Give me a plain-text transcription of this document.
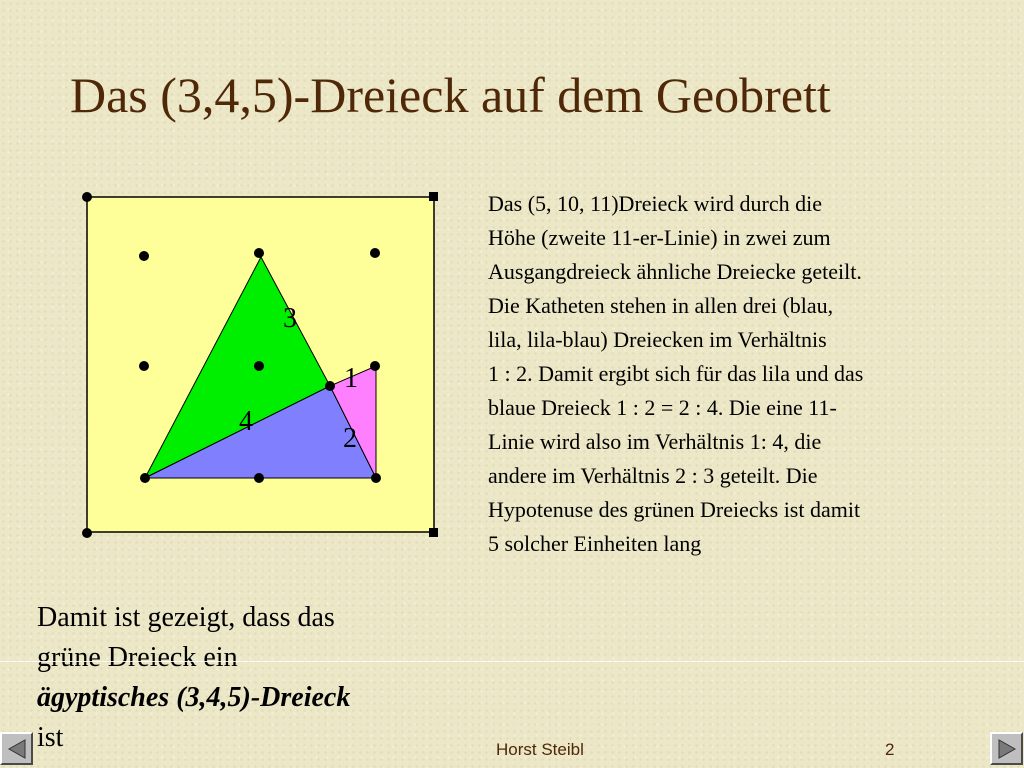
Das (3,4,5)-Dreieck auf dem Geobrett
3
1
4
2
Das (5, 10, 11)Dreieck wird durch die
Höhe (zweite 11-er-Linie) in zwei zum
Ausgangdreieck ähnliche Dreiecke geteilt.
Die Katheten stehen in allen drei (blau,
lila, lila-blau) Dreiecken im Verhältnis
1 : 2. Damit ergibt sich für das lila und das
blaue Dreieck 1 : 2 = 2 : 4. Die eine 11-
Linie wird also im Verhältnis 1: 4, die
andere im Verhältnis 2 : 3 geteilt. Die
Hypotenuse des grünen Dreiecks ist damit
5 solcher Einheiten lang
Damit ist gezeigt, dass das
grüne Dreieck ein
ägyptisches (3,4,5)-Dreieck
ist	Horst Steibl	2
